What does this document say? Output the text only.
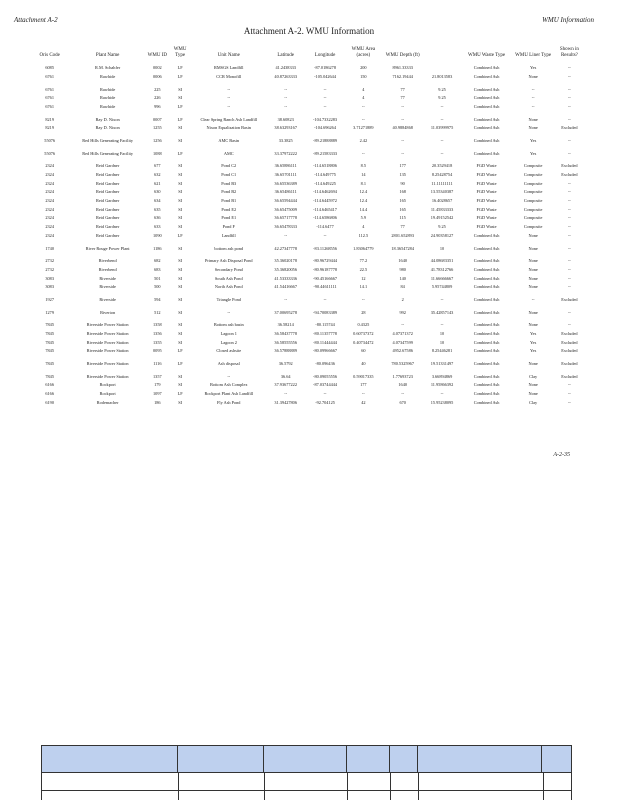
Attachment A-2	WMU Information
Attachment A-2. WMU Information
Oris Code	Plant Name	WMU ID	WMU Type	Unit Name	Latitude	Longitude	WMU Area (acres)	WMU Depth (ft)		WMU Waste Type	WMU Liner Type	Shown in Results?
6085	R.M. Schahfer	0002	LF	RMSGS Landfill	41.2438333	-87.0186278	200	8961.33333		Combined Ash	Yes	--
6761	Rawhide	0006	LF	CCR Monofill	40.87263333	-105.042644	150	7162.19444	21.8013583	Combined Ash	None	--

6761	Rawhide	225	SI	--	--	--	4	77	9.25	Combined Ash	--	--
6761	Rawhide	226	SI	--	--	--	4	77	9.25	Combined Ash	--	--
6761	Rawhide	996	LF	--	--	--	--	--	--	Combined Ash	--	--

8219	Ray D. Nixon	0007	LF	Clear Spring Ranch Ash Landfill	38.60823	-104.7332283	--	--	--	Combined Ash	None	--
8219	Ray D. Nixon	1255	SI	Nixon Equalization Basin	38.63293167	-104.696264	3.71271889	40.9884868	11.03999975	Combined Ash	None	Excluded

55076	Red Hills Generating Facility	1256	SI	AMC Basin	33.3825	-89.21888889	2.42	--	--	Combined Ash	Yes	--

55076	Red Hills Generating Facility	1088	LF	AMC	33.37972222	-89.21583333	--	--	--	Combined Ash	Yes	--

2324	Reid Gardner	677	SI	Pond C2	36.65886111	-114.6518806	8.5	177	20.3529418	FGD Waste	Composite	Excluded
2324	Reid Gardner	632	SI	Pond C1	36.65701111	-114.649775	14	135	8.25428754	FGD Waste	Composite	Excluded
2324	Reid Gardner	621	SI	Pond B3	36.65536389	-114.649225	8.1	90	11.11111111	FGD Waste	Composite	--
2324	Reid Gardner	630	SI	Pond B2	36.65486111	-114.6462694	12.4	168	13.55340387	FGD Waste	Composite	--
2324	Reid Gardner	634	SI	Pond B1	36.65594444	-114.6445972	12.4	165	16.4028657	FGD Waste	Composite	--
2324	Reid Gardner	635	SI	Pond E2	36.65475009	-114.6465417	14.4	165	11.45833333	FGD Waste	Composite	--
2324	Reid Gardner	636	SI	Pond E1	36.65717778	-114.6586806	5.9	115	19.49152542	FGD Waste	Composite	--
2324	Reid Gardner	633	SI	Pond F	36.65478333	-114.6477	4	77	9.25	FGD Waste	Composite	--
2324	Reid Gardner	1090	LF	Landfill	--	--	112.5	2801.652893	24.90358127	Combined Ash	None	--

1740	River Rouge Power Plant	1186	SI	bottom ash pond	42.27347778	-83.11268556	1.83064779	18.36547284	10	Combined Ash	None	--

2732	Riverbend	682	SI	Primary Ash Disposal Pond	35.36020178	-80.96729444	77.2	1640	44.08683351	Combined Ash	None	--
2732	Riverbend	683	SI	Secondary Pond	35.36820056	-80.96187778	22.5	980	41.78312766	Combined Ash	None	--
3083	Riverside	501	SI	South Ash Pond	41.53333336	-90.45166667	12	140	11.66666667	Combined Ash	None	--
3083	Riverside	500	SI	North Ash Pond	41.54416667	-90.44611111	14.1	84	5.95744809	Combined Ash	None	--

1927	Riverside	594	SI	Triangle Pond	--	--	--	2	--	Combined Ash	--	Excluded

1279	Riverton	512	SI	--	37.00695278	-94.70083389	28	992	35.42857143	Combined Ash	None	--

7845	Riverside Power Station	1358	SI	Bottom ash basin	36.58214	-80.115744	0.4325	--	--	Combined Ash	None	--
7845	Riverside Power Station	1356	SI	Lagoon 1	36.58437778	-80.11357778	0.60737372	4.07371372	10	Combined Ash	Yes	Excluded
7845	Riverside Power Station	1355	SI	Lagoon 2	36.58555556	-80.11444444	0.40734472	4.07347599	10	Combined Ash	Yes	Excluded
7845	Riverside Power Station	0095	LF	Closed ashsite	36.57888889	-80.09966667	60	4952.67586	8.25446281	Combined Ash	Yes	Excluded

7845	Riverside Power Station	1116	LF	Ash disposal	36.5792	-80.096436	40	780.5325967	19.51331497	Combined Ash	None	Excluded

7845	Riverside Power Station	1357	SI	--	36.64	-80.09055556	0.59017335	1.77693723	3.66894869	Combined Ash	Clay	Excluded
6166	Rockport	179	SI	Bottom Ash Complex	37.93677222	-87.03744444	177	1640	11.95866392	Combined Ash	None	--
6166	Rockport	1097	LF	Rockport Plant Ash Landfill	--	--	--	--	--	Combined Ash	None	--
6190	Rodemacher	186	SI	Fly Ash Pond	31.39427806	-92.704125	42	670	15.95238095	Combined Ash	Clay	--
A-2-35
